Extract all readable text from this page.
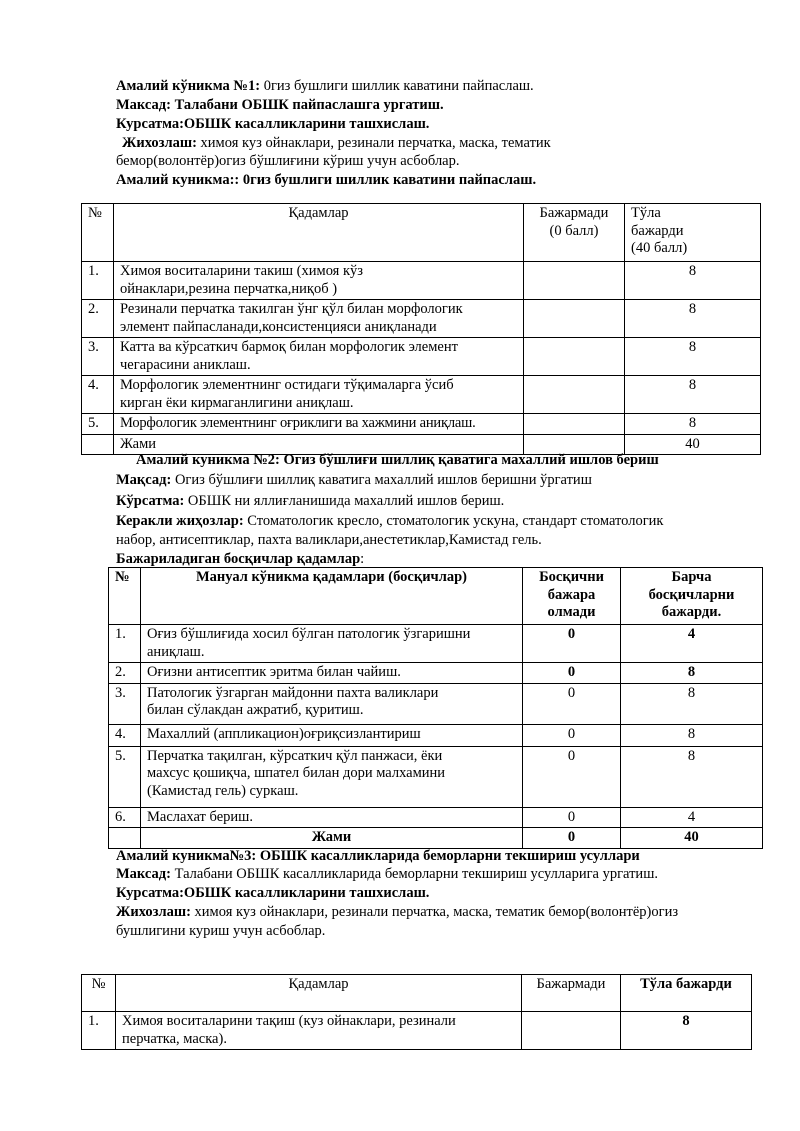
Амалий кўникма №1: 0гиз бушлиги шиллик каватини пайпаслаш.

Максад: Талабани ОБШК пайпаслашга ургатиш.

Курсатма:ОБШК касалликларини ташхислаш.

Жихозлаш: химоя куз ойнаклари, резинали перчатка, маска, тематик

бемор(волонтёр)oгиз бўшлиғини кўриш учун асбоблар.

Амалий куникма:: 0гиз бушлиги шиллик каватини пайпаслаш.

№	Қадамлар	Бажармади
(0 балл)	Тўла
бажарди
(40 балл)
1.	Химоя воситаларини такиш (химоя кўз
ойнаклари,резина перчатка,ниқоб )		8
2.	Резинали перчатка такилган ўнг қўл билан морфологик
элемент пайпасланади,консистенцияси аниқланади		8
3.	Катта ва кўрсаткич бармоқ билан морфологик элемент
чегарасини аниклаш.		8
4.	Морфологик элементнинг остидаги тўқималарга ўсиб
кирган ёки кирмаганлигини аниқлаш.		8
5.	Морфологик элементнинг оғриклиги ва хажмини аниқлаш.		8
	Жами		40

Амалий куникма №2: Огиз бўшлиғи шиллиқ қаватига махаллий ишлов бериш

Мақсад: Огиз бўшлиғи шиллиқ каватига махаллий ишлов беришни ўргатиш

Кўрсатма: ОБШК ни яллиғланишида махаллий ишлов бериш.

Керакли жиҳозлар: Стоматологик кресло, стоматологик ускуна, стандарт стоматологик

набор, антисептиклар, пахта валиклари,анестетиклар,Камистад гель.

Бажариладиган босқичлар қадамлар:

№	Мануал кўникма қадамлари (босқичлар)	Босқични
бажара
олмади	Барча
босқичларни
бажарди.
1.	Оғиз бўшлиғида хосил бўлган патологик ўзгаришни
аниқлаш.	0	4
2.	Оғизни антисептик эритма билан чайиш.	0	8
3.	Патологик ўзгарган майдонни пахта валиклари
билан сўлакдан ажратиб, қуритиш.	0	8
4.	Махаллий (аппликацион)оғриқсизлантириш	0	8
5.	Перчатка тақилган, кўрсаткич қўл панжаси, ёки
махсус қошиқча, шпател билан дори малхамини
(Камистад гель) суркаш.	0	8
6.	Маслахат бериш.	0	4
	Жами	0	40

Амалий куникма№3: ОБШК касалликларида беморларни текшириш усуллари

Максад: Талабани ОБШК касалликларида беморларни текшириш усулларига ургатиш.

Курсатма:ОБШК касалликларини ташхислаш.

Жихозлаш: химоя куз ойнаклари, резинали перчатка, маска, тематик бемор(волонтёр)огиз

бушлигини куриш учун асбоблар.

№	Қадамлар	Бажармади	Тўла бажарди
1.	Химоя воситаларини тақиш (куз ойнаклари, резинали
перчатка, маска).		8
